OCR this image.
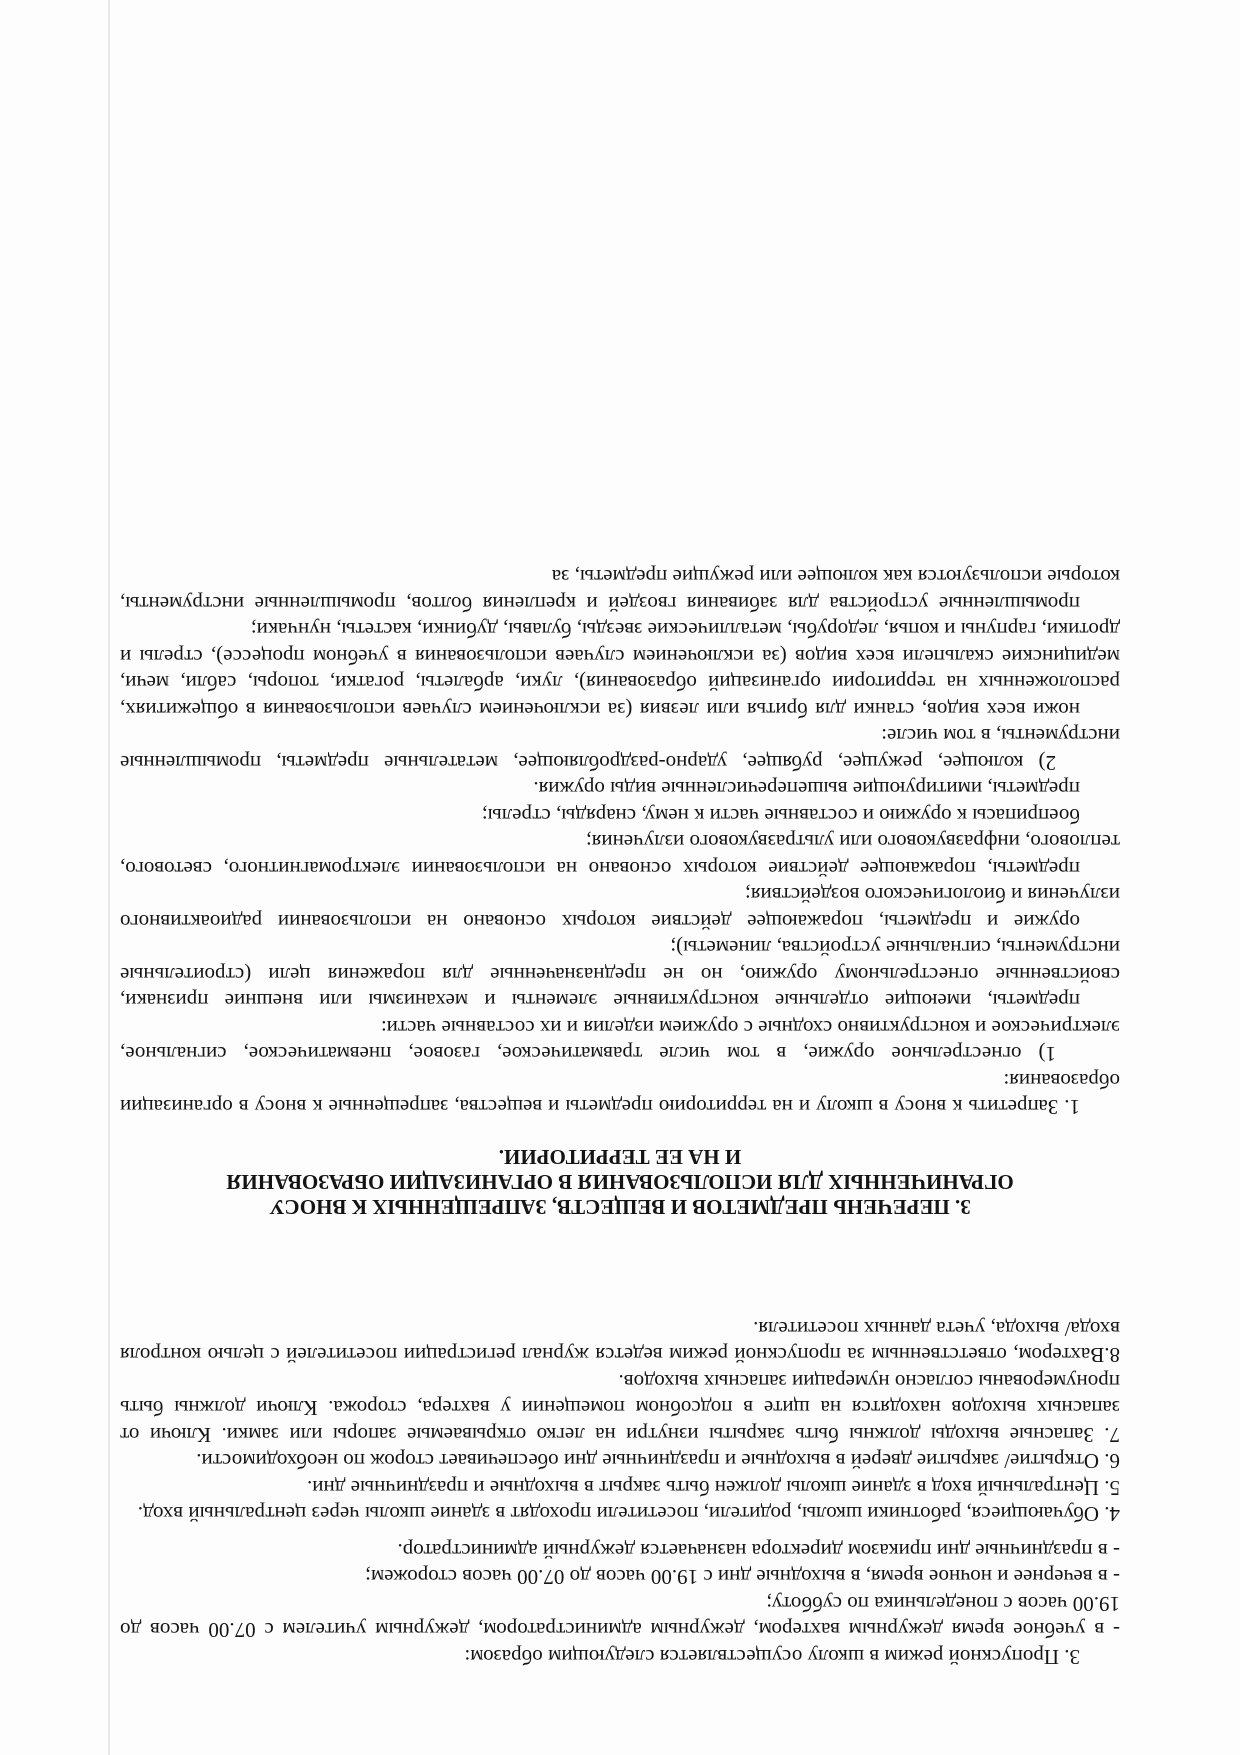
3. Пропускной режим в школу осуществляется следующим образом:

- в учебное время дежурным вахтером, дежурным администратором, дежурным учителем с 07.00 часов до 19.00 часов с понедельника по субботу;

- в вечернее и ночное время, в выходные дни с 19.00 часов до 07.00 часов сторожем;

- в праздничные дни приказом директора назначается дежурный администратор.

4. Обучающиеся, работники школы, родители, посетители проходят в здание школы через центральный вход.

5. Центральный вход в здание школы должен быть закрыт в выходные и праздничные дни.

6. Открытие/ закрытие дверей в выходные и праздничные дни обеспечивает сторож по необходимости.

7. Запасные выходы должны быть закрыты изнутри на легко открываемые запоры или замки. Ключи от запасных выходов находятся на щите в подсобном помещении у вахтера, сторожа. Ключи должны быть пронумерованы согласно нумерации запасных выходов.

8.Вахтером, ответственным за пропускной режим ведется журнал регистрации посетителей с целью контроля входа/ выхода, учета данных посетителя.

3. ПЕРЕЧЕНЬ ПРЕДМЕТОВ И ВЕЩЕСТВ, ЗАПРЕЩЕННЫХ К ВНОСУ
ОГРАНИЧЕННЫХ ДЛЯ ИСПОЛЬЗОВАНИЯ В ОРГАНИЗАЦИИ ОБРАЗОВАНИЯ
И НА ЕЕ ТЕРРИТОРИИ.

1. Запретить к вносу в школу и на территорию предметы и вещества, запрещенные к вносу в организации образования:

1) огнестрельное оружие, в том числе травматическое, газовое, пневматическое, сигнальное, электрическое и конструктивно сходные с оружием изделия и их составные части:

предметы, имеющие отдельные конструктивные элементы и механизмы или внешние признаки, свойственные огнестрельному оружию, но не предназначенные для поражения цели (строительные инструменты, сигнальные устройства, линеметы);

оружие и предметы, поражающее действие которых основано на использовании радиоактивного излучения и биологического воздействия;

предметы, поражающее действие которых основано на использовании электромагнитного, светового, теплового, инфразвукового или ультразвукового излучения;

боеприпасы к оружию и составные части к нему, снаряды, стрелы;

предметы, имитирующие вышеперечисленные виды оружия.

2) колющее, режущее, рубящее, ударно-раздробляющее, метательные предметы, промышленные инструменты, в том числе:

ножи всех видов, станки для бритья или лезвия (за исключением случаев использования в общежитиях, расположенных на территории организаций образования), луки, арбалеты, рогатки, топоры, сабли, мечи, медицинские скальпели всех видов (за исключением случаев использования в учебном процессе), стрелы и дротики, гарпуны и копья, ледорубы, металлические звезды, булавы, дубинки, кастеты, нунчаки;

промышленные устройства для забивания гвоздей и крепления болтов, промышленные инструменты, которые используются как колющее или режущие предметы, за
